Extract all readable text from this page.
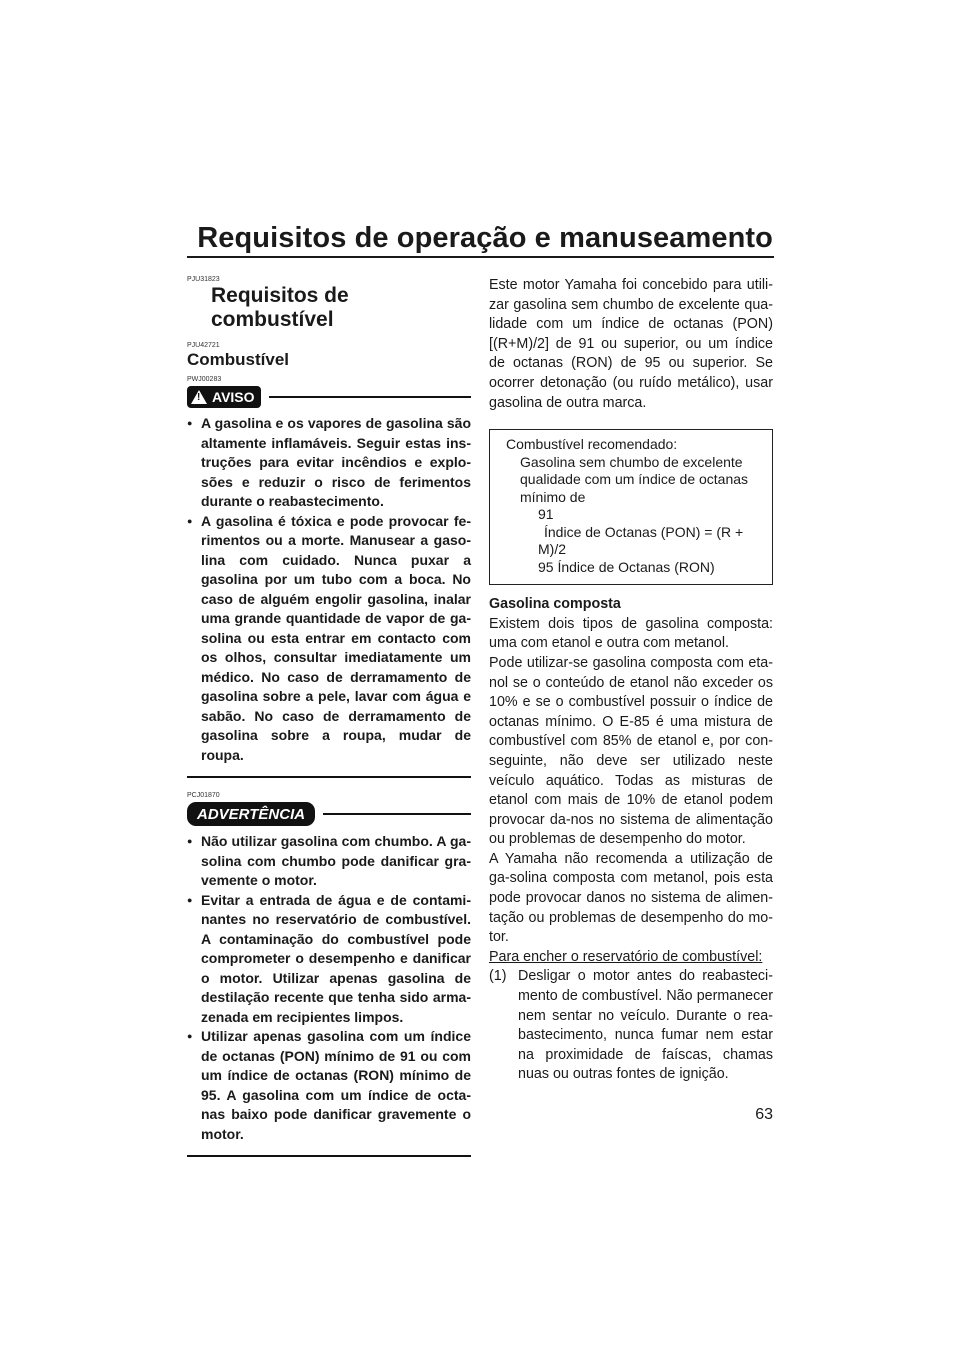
Requisitos de operação e manuseamento
PJU31823
Requisitos de combustível
PJU42721
Combustível
PWJ00283
! AVISO
● A gasolina e os vapores de gasolina são altamente inflamáveis. Seguir estas ins-truções para evitar incêndios e explo-sões e reduzir o risco de ferimentos durante o reabastecimento.
● A gasolina é tóxica e pode provocar fe-rimentos ou a morte. Manusear a gaso-lina com cuidado. Nunca puxar a gasolina por um tubo com a boca. No caso de alguém engolir gasolina, inalar uma grande quantidade de vapor de ga-solina ou esta entrar em contacto com os olhos, consultar imediatamente um médico. No caso de derramamento de gasolina sobre a pele, lavar com água e sabão. No caso de derramamento de gasolina sobre a roupa, mudar de roupa.
PCJ01870
ADVERTÊNCIA
● Não utilizar gasolina com chumbo. A ga-solina com chumbo pode danificar gra-vemente o motor.
● Evitar a entrada de água e de contami-nantes no reservatório de combustível. A contaminação do combustível pode comprometer o desempenho e danificar o motor. Utilizar apenas gasolina de destilação recente que tenha sido arma-zenada em recipientes limpos.
● Utilizar apenas gasolina com um índice de octanas (PON) mínimo de 91 ou com um índice de octanas (RON) mínimo de 95. A gasolina com um índice de octa-nas baixo pode danificar gravemente o motor.

Este motor Yamaha foi concebido para utili-zar gasolina sem chumbo de excelente qua-lidade com um índice de octanas (PON) [(R+M)/2] de 91 ou superior, ou um índice de octanas (RON) de 95 ou superior. Se ocorrer detonação (ou ruído metálico), usar gasolina de outra marca.

Combustível recomendado:
Gasolina sem chumbo de excelente
qualidade com um índice de octanas
mínimo de
91
Índice de Octanas (PON) = (R +
M)/2
95 Índice de Octanas (RON)
Gasolina composta

Existem dois tipos de gasolina composta: uma com etanol e outra com metanol.

Pode utilizar-se gasolina composta com eta-nol se o conteúdo de etanol não exceder os 10% e se o combustível possuir o índice de octanas mínimo. O E-85 é uma mistura de combustível com 85% de etanol e, por con-seguinte, não deve ser utilizado neste veículo aquático. Todas as misturas de etanol com mais de 10% de etanol podem provocar da-nos no sistema de alimentação ou problemas de desempenho do motor.

A Yamaha não recomenda a utilização de ga-solina composta com metanol, pois esta pode provocar danos no sistema de alimen-tação ou problemas de desempenho do mo-tor.

Para encher o reservatório de combustível:
(1) Desligar o motor antes do reabasteci-mento de combustível. Não permanecer nem sentar no veículo. Durante o rea-bastecimento, nunca fumar nem estar na proximidade de faíscas, chamas nuas ou outras fontes de ignição.
63
